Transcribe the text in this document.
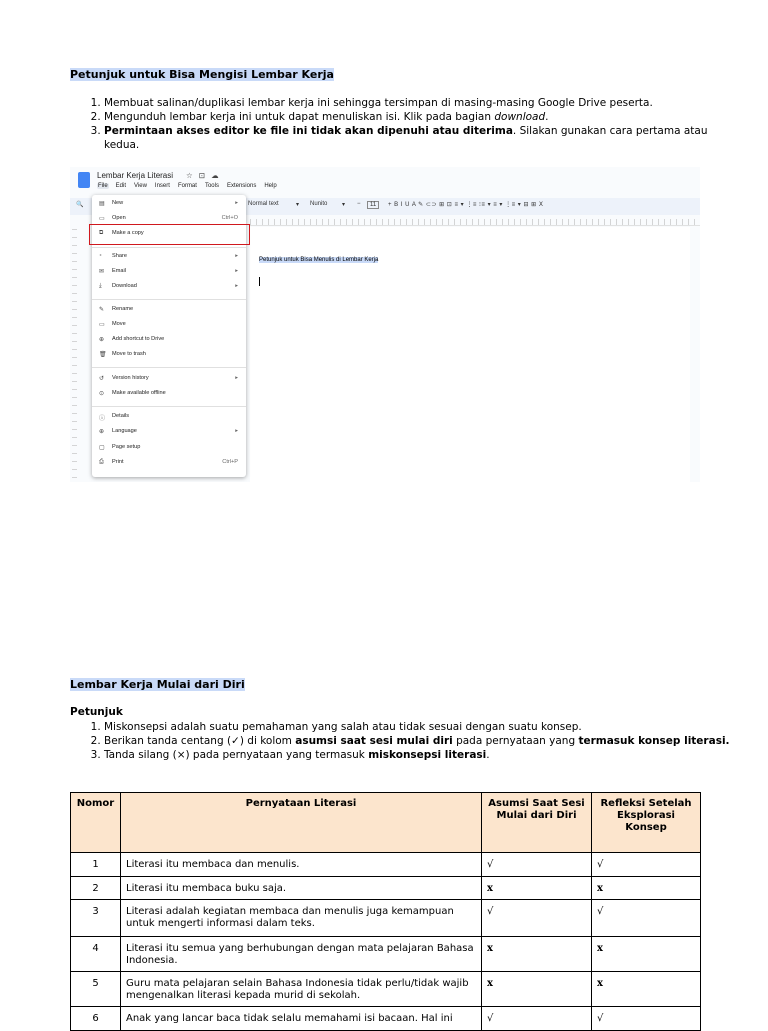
Petunjuk untuk Bisa Mengisi Lembar Kerja
1. Membuat salinan/duplikasi lembar kerja ini sehingga tersimpan di masing-masing Google Drive peserta.
2. Mengunduh lembar kerja ini untuk dapat menuliskan isi. Klik pada bagian download.
3. Permintaan akses editor ke file ini tidak akan dipenuhi atau diterima. Silakan gunakan cara pertama atau kedua.
Lembar Kerja Literasi ☆ ⊡ ☁
File Edit View Insert Format Tools Extensions Help
🔍	Normal text	▾ Nunito ▾ −	11	+ B I U A ✎ ⊂⊃ ⊞ ⊡ ≡ ▾ ⋮≡ ⁝≡ ▾ ≡ ▾ ⋮≡ ▾ ⊟ ⊞ Ⅹ
Petunjuk untuk Bisa Menulis di Lembar Kerja
▤	New	▸
▭	Open	Ctrl+O
⧉	Make a copy
⁺	Share	▸
✉	Email	▸
⤓	Download	▸
✎	Rename
▭	Move
⊕	Add shortcut to Drive
🗑 Move to trash
↺	Version history	▸
⊙	Make available offline
ⓘ	Details
⊕	Language	▸
▢	Page setup
⎙	Print	Ctrl+P
Lembar Kerja Mulai dari Diri

Petunjuk

1. Miskonsepsi adalah suatu pemahaman yang salah atau tidak sesuai dengan suatu konsep.
2. Berikan tanda centang (✓) di kolom asumsi saat sesi mulai diri pada pernyataan yang termasuk konsep literasi.
3. Tanda silang (×) pada pernyataan yang termasuk miskonsepsi literasi.
Nomor	Pernyataan Literasi	Asumsi Saat Sesi Mulai dari Diri	Refleksi Setelah Eksplorasi Konsep
1	Literasi itu membaca dan menulis.	√	√
2	Literasi itu membaca buku saja.	x	x
3	Literasi adalah kegiatan membaca dan menulis juga kemampuan untuk mengerti informasi dalam teks.	√	√
4	Literasi itu semua yang berhubungan dengan mata pelajaran Bahasa Indonesia.	x	x
5	Guru mata pelajaran selain Bahasa Indonesia tidak perlu/tidak wajib mengenalkan literasi kepada murid di sekolah.	x	x
6	Anak yang lancar baca tidak selalu memahami isi bacaan. Hal ini	√	√
